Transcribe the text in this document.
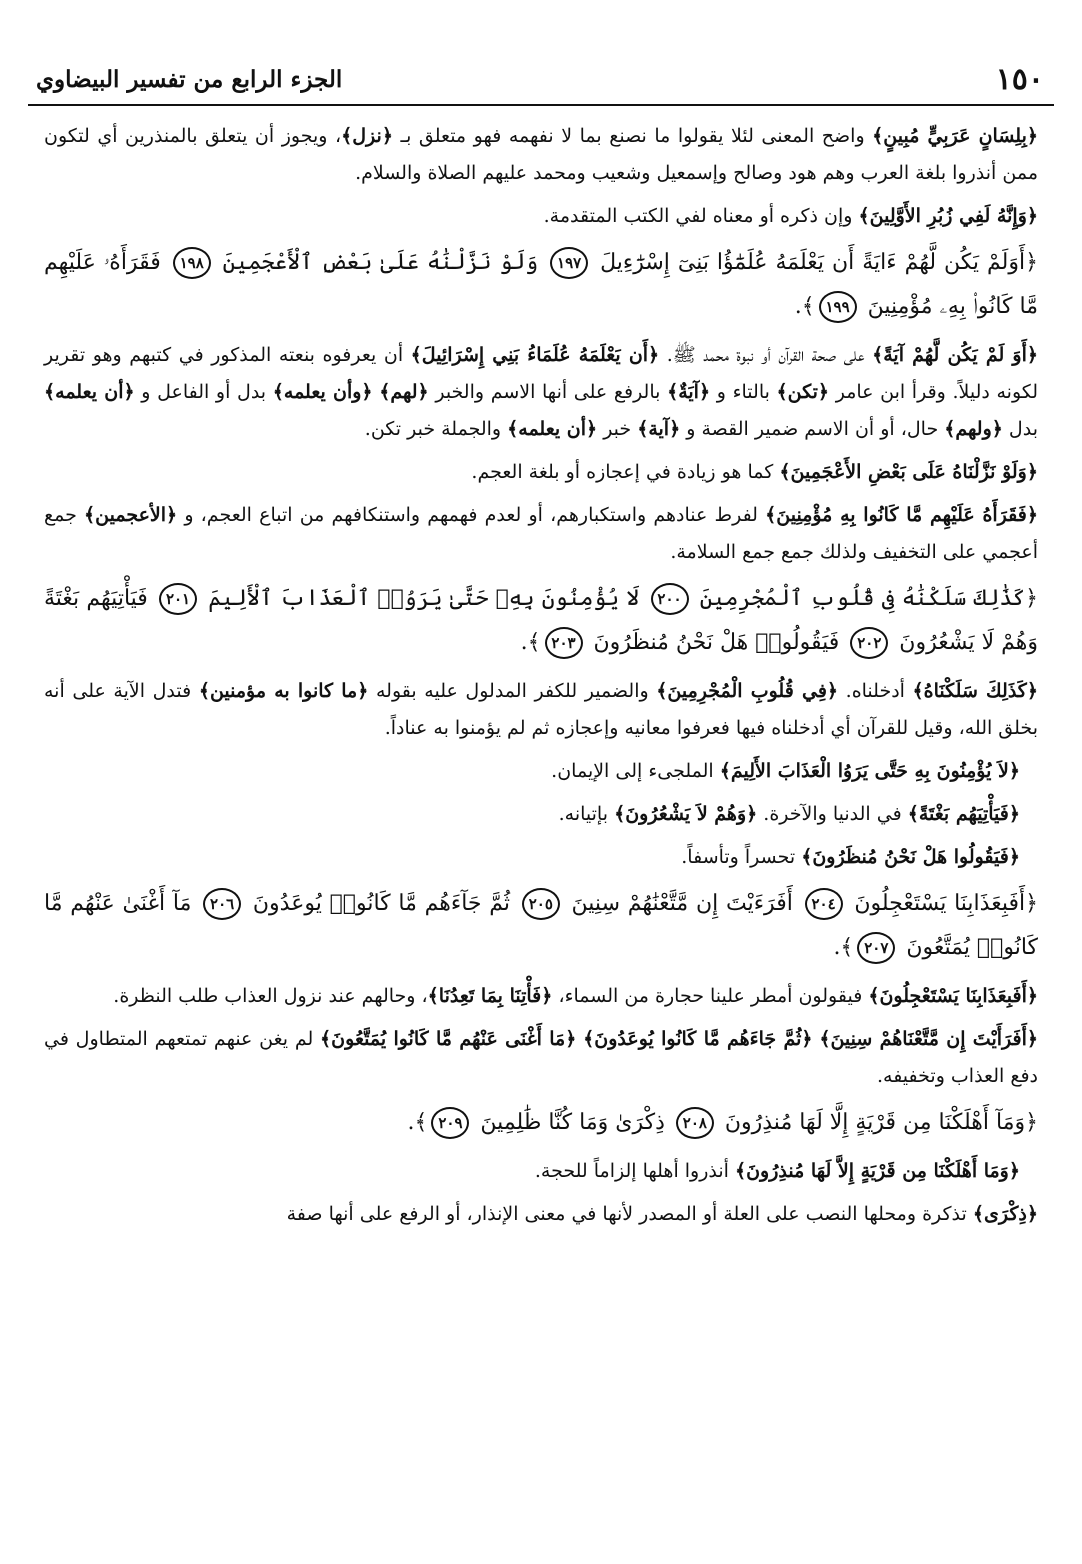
١٥٠
الجزء الرابع من تفسير البيضاوي

﴿بِلِسَانٍ عَرَبِيٍّ مُبِينٍ﴾ واضح المعنى لئلا يقولوا ما نصنع بما لا نفهمه فهو متعلق بـ ﴿نزل﴾، ويجوز أن يتعلق بالمنذرين أي لتكون ممن أنذروا بلغة العرب وهم هود وصالح وإسمعيل وشعيب ومحمد عليهم الصلاة والسلام.

﴿وَإِنَّهُ لَفِي زُبُرِ الأَوَّلِينَ﴾ وإن ذكره أو معناه لفي الكتب المتقدمة.

﴿أَوَلَمْ يَكُن لَّهُمْ ءَايَةً أَن يَعْلَمَهُ عُلَمَٰٓؤُا بَنِىٓ إِسْرَٰٓءِيلَ ١٩٧ وَلَوْ نَزَّلْنَٰهُ عَلَىٰ بَعْضِ ٱلْأَعْجَمِينَ ١٩٨ فَقَرَأَهُۥ عَلَيْهِم مَّا كَانُوا۟ بِهِۦ مُؤْمِنِينَ ١٩٩﴾.

﴿أَوَ لَمْ يَكُن لَّهُمْ آيَةً﴾ على صحة القرآن أو نبوة محمد ﷺ. ﴿أَن يَعْلَمَهُ عُلَمَاءُ بَنِي إِسْرَائِيلَ﴾ أن يعرفوه بنعته المذكور في كتبهم وهو تقرير لكونه دليلاً. وقرأ ابن عامر ﴿تكن﴾ بالتاء و ﴿آيَةٌ﴾ بالرفع على أنها الاسم والخبر ﴿لهم﴾ ﴿وأن يعلمه﴾ بدل أو الفاعل و ﴿أن يعلمه﴾ بدل ﴿ولهم﴾ حال، أو أن الاسم ضمير القصة و ﴿آية﴾ خبر ﴿أن يعلمه﴾ والجملة خبر تكن.

﴿وَلَوْ نَزَّلْنَاهُ عَلَى بَعْضِ الأَعْجَمِينَ﴾ كما هو زيادة في إعجازه أو بلغة العجم.

﴿فَقَرَأَهُ عَلَيْهِم مَّا كَانُوا بِهِ مُؤْمِنِينَ﴾ لفرط عنادهم واستكبارهم، أو لعدم فهمهم واستنكافهم من اتباع العجم، و ﴿الأعجمين﴾ جمع أعجمي على التخفيف ولذلك جمع جمع السلامة.

﴿كَذَٰلِكَ سَلَكْنَٰهُ فِى قُلُوبِ ٱلْمُجْرِمِينَ ٢٠٠ لَا يُؤْمِنُونَ بِهِۦ حَتَّىٰ يَرَوُا۟ ٱلْعَذَابَ ٱلْأَلِيمَ ٢٠١ فَيَأْتِيَهُم بَغْتَةً وَهُمْ لَا يَشْعُرُونَ ٢٠٢ فَيَقُولُوا۟ هَلْ نَحْنُ مُنظَرُونَ ٢٠٣﴾.

﴿كَذَلِكَ سَلَكْنَاهُ﴾ أدخلناه. ﴿فِي قُلُوبِ الْمُجْرِمِينَ﴾ والضمير للكفر المدلول عليه بقوله ﴿ما كانوا به مؤمنين﴾ فتدل الآية على أنه بخلق الله، وقيل للقرآن أي أدخلناه فيها فعرفوا معانيه وإعجازه ثم لم يؤمنوا به عناداً.

﴿لاَ يُؤْمِنُونَ بِهِ حَتَّى يَرَوُا الْعَذَابَ الأَلِيمَ﴾ الملجىء إلى الإيمان.

﴿فَيَأْتِيَهُم بَغْتَةً﴾ في الدنيا والآخرة. ﴿وَهُمْ لاَ يَشْعُرُونَ﴾ بإتيانه.

﴿فَيَقُولُوا هَلْ نَحْنُ مُنظَرُونَ﴾ تحسراً وتأسفاً.

﴿أَفَبِعَذَابِنَا يَسْتَعْجِلُونَ ٢٠٤ أَفَرَءَيْتَ إِن مَّتَّعْنَٰهُمْ سِنِينَ ٢٠٥ ثُمَّ جَآءَهُم مَّا كَانُوا۟ يُوعَدُونَ ٢٠٦ مَآ أَغْنَىٰ عَنْهُم مَّا كَانُوا۟ يُمَتَّعُونَ ٢٠٧﴾.

﴿أَفَبِعَذَابِنَا يَسْتَعْجِلُونَ﴾ فيقولون أمطر علينا حجارة من السماء، ﴿فَأْتِنَا بِمَا تَعِدُنَا﴾، وحالهم عند نزول العذاب طلب النظرة.

﴿أَفَرَأَيْتَ إِن مَّتَّعْنَاهُمْ سِنِينَ﴾ ﴿ثُمَّ جَاءَهُم مَّا كَانُوا يُوعَدُونَ﴾ ﴿مَا أَغْنَى عَنْهُم مَّا كَانُوا يُمَتَّعُونَ﴾ لم يغن عنهم تمتعهم المتطاول في دفع العذاب وتخفيفه.

﴿وَمَآ أَهْلَكْنَا مِن قَرْيَةٍ إِلَّا لَهَا مُنذِرُونَ ٢٠٨ ذِكْرَىٰ وَمَا كُنَّا ظَٰلِمِينَ ٢٠٩﴾.

﴿وَمَا أَهْلَكْنَا مِن قَرْيَةٍ إِلاَّ لَهَا مُنذِرُونَ﴾ أنذروا أهلها إلزاماً للحجة.

﴿ذِكْرَى﴾ تذكرة ومحلها النصب على العلة أو المصدر لأنها في معنى الإنذار، أو الرفع على أنها صفة
